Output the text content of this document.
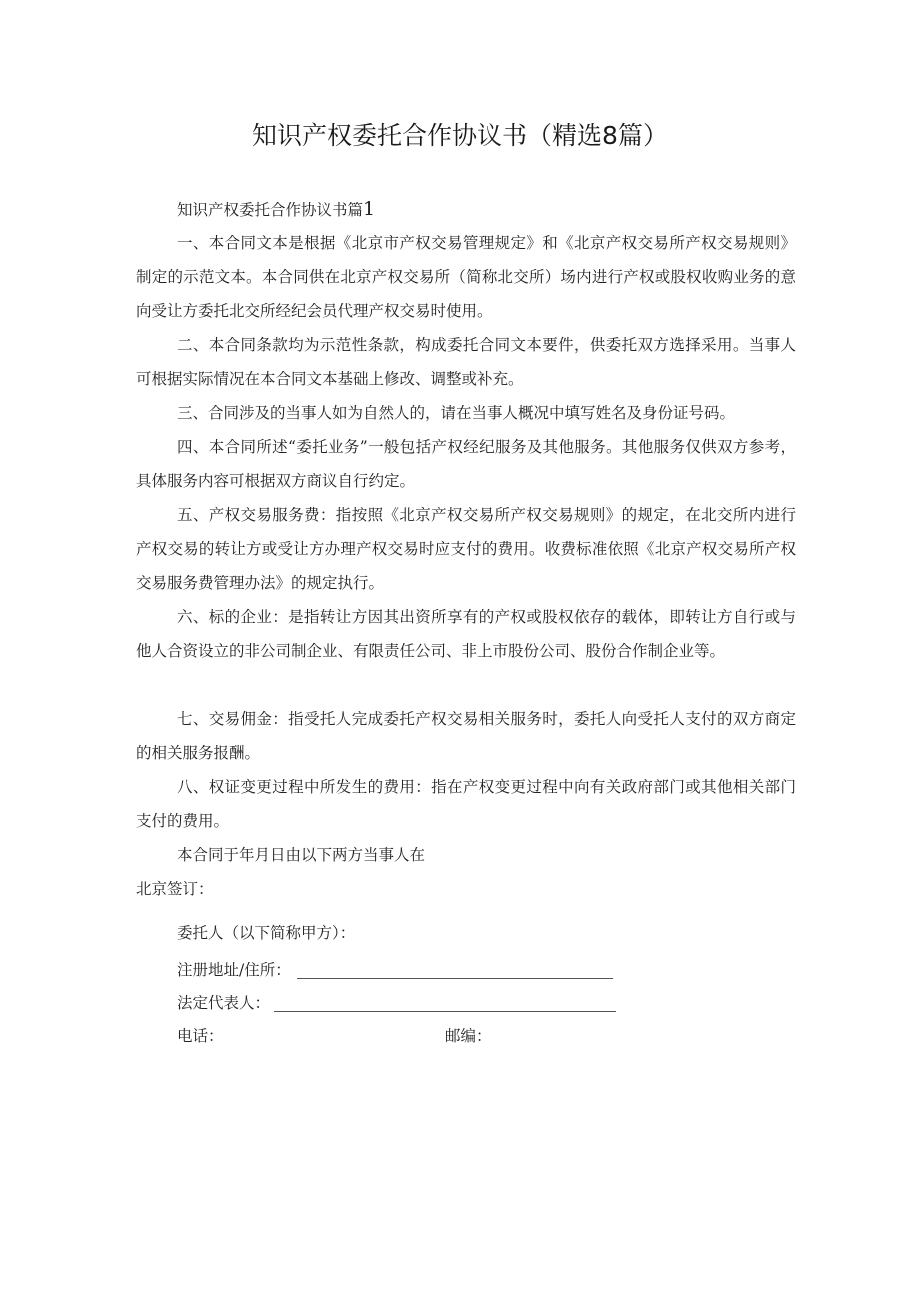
知识产权委托合作协议书（精选8篇）
知识产权委托合作协议书篇1

一、本合同文本是根据《北京市产权交易管理规定》和《北京产权交易所产权交易规则》制定的示范文本。本合同供在北京产权交易所（简称北交所）场内进行产权或股权收购业务的意向受让方委托北交所经纪会员代理产权交易时使用。

二、本合同条款均为示范性条款，构成委托合同文本要件，供委托双方选择采用。当事人可根据实际情况在本合同文本基础上修改、调整或补充。

三、合同涉及的当事人如为自然人的，请在当事人概况中填写姓名及身份证号码。

四、本合同所述“委托业务”一般包括产权经纪服务及其他服务。其他服务仅供双方参考，具体服务内容可根据双方商议自行约定。

五、产权交易服务费：指按照《北京产权交易所产权交易规则》的规定，在北交所内进行产权交易的转让方或受让方办理产权交易时应支付的费用。收费标准依照《北京产权交易所产权交易服务费管理办法》的规定执行。

六、标的企业：是指转让方因其出资所享有的产权或股权依存的载体，即转让方自行或与他人合资设立的非公司制企业、有限责任公司、非上市股份公司、股份合作制企业等。

七、交易佣金：指受托人完成委托产权交易相关服务时，委托人向受托人支付的双方商定的相关服务报酬。

八、权证变更过程中所发生的费用：指在产权变更过程中向有关政府部门或其他相关部门支付的费用。

本合同于年月日由以下两方当事人在
北京签订：
委托人（以下简称甲方）：
注册地址/住所：
法定代表人：
电话：	邮编：
